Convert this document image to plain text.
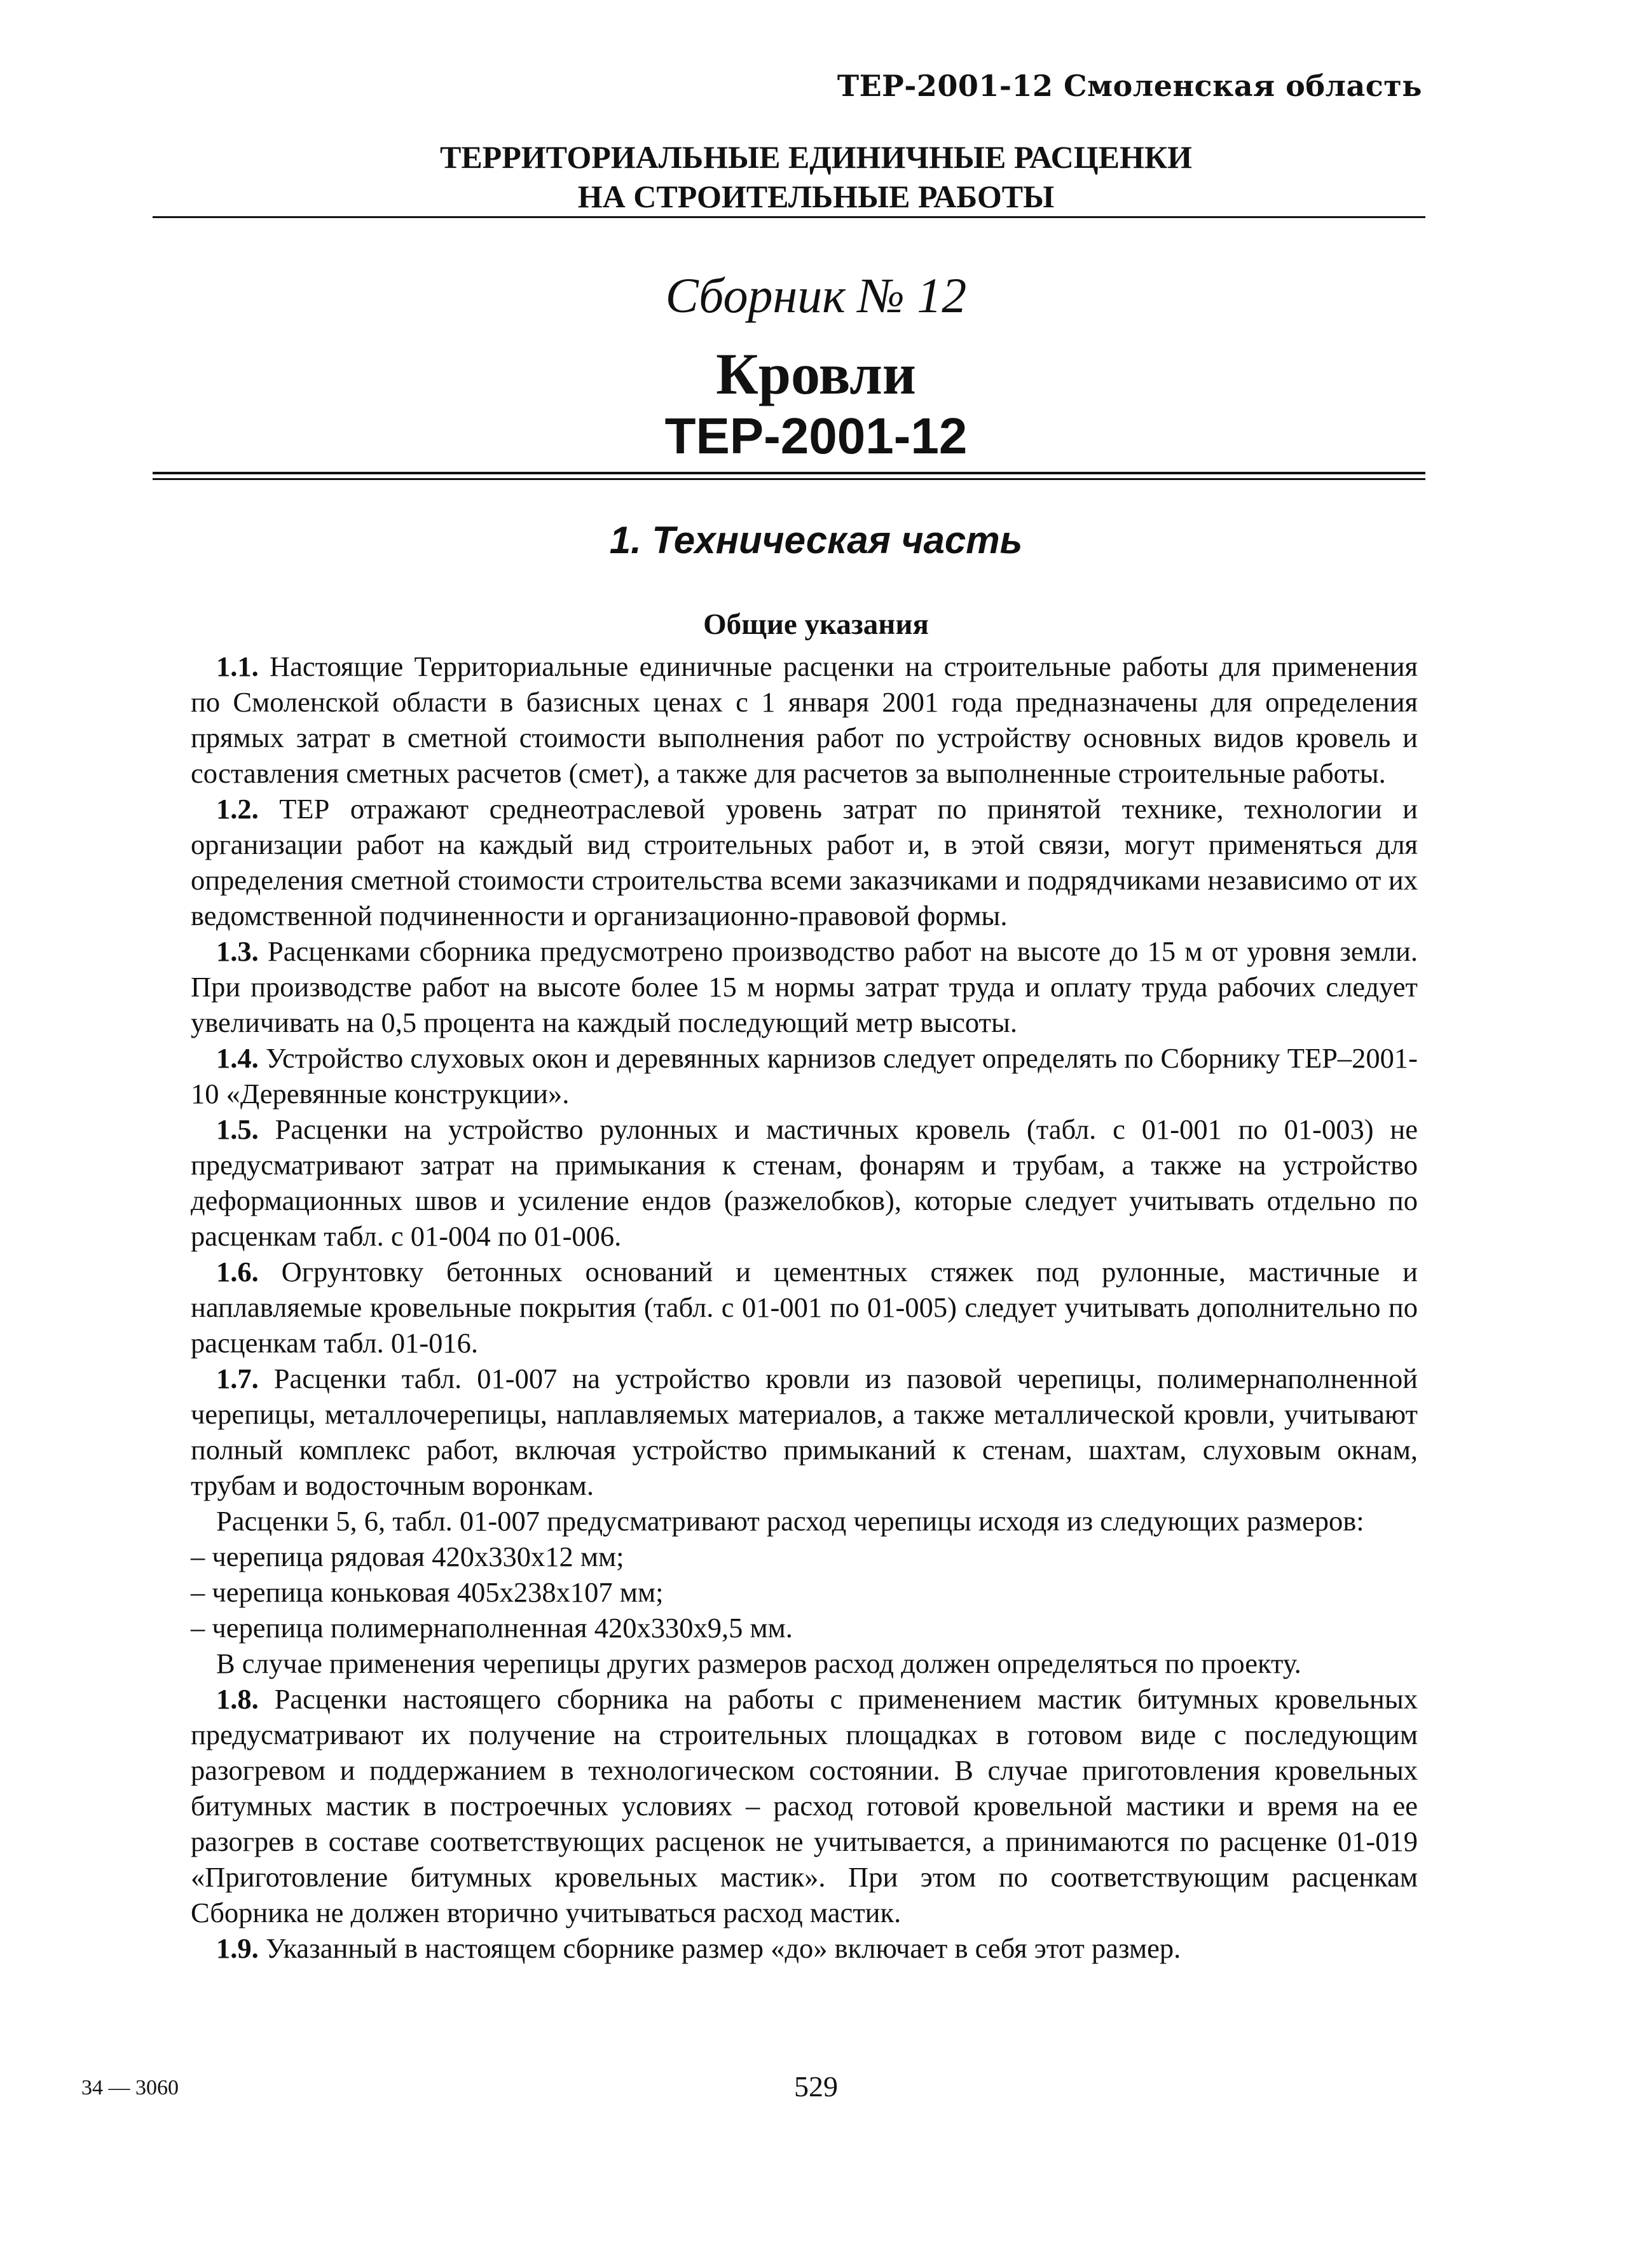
ТЕР-2001-12 Смоленская область
ТЕРРИТОРИАЛЬНЫЕ ЕДИНИЧНЫЕ РАСЦЕНКИ
НА СТРОИТЕЛЬНЫЕ РАБОТЫ
Сборник № 12
Кровли
ТЕР-2001-12
1. Техническая часть
Общие указания

1.1. Настоящие Территориальные единичные расценки на строительные работы для применения по Смоленской области в базисных ценах с 1 января 2001 года предназначены для определения прямых затрат в сметной стоимости выполнения работ по устройству основных видов кровель и составления сметных расчетов (смет), а также для расчетов за выполненные строительные работы.

1.2. ТЕР отражают среднеотраслевой уровень затрат по принятой технике, технологии и организации работ на каждый вид строительных работ и, в этой связи, могут применяться для определения сметной стоимости строительства всеми заказчиками и подрядчиками независимо от их ведомственной подчиненности и организационно-правовой формы.

1.3. Расценками сборника предусмотрено производство работ на высоте до 15 м от уровня земли. При производстве работ на высоте более 15 м нормы затрат труда и оплату труда рабочих следует увеличивать на 0,5 процента на каждый последующий метр высоты.

1.4. Устройство слуховых окон и деревянных карнизов следует определять по Сборнику ТЕР–2001-10 «Деревянные конструкции».

1.5. Расценки на устройство рулонных и мастичных кровель (табл. с 01-001 по 01-003) не предусматривают затрат на примыкания к стенам, фонарям и трубам, а также на устройство деформационных швов и усиление ендов (разжелобков), которые следует учитывать отдельно по расценкам табл. с 01-004 по 01-006.

1.6. Огрунтовку бетонных оснований и цементных стяжек под рулонные, мастичные и наплавляемые кровельные покрытия (табл. с 01-001 по 01-005) следует учитывать дополнительно по расценкам табл. 01-016.

1.7. Расценки табл. 01-007 на устройство кровли из пазовой черепицы, полимернаполненной черепицы, металлочерепицы, наплавляемых материалов, а также металлической кровли, учитывают полный комплекс работ, включая устройство примыканий к стенам, шахтам, слуховым окнам, трубам и водосточным воронкам.

Расценки 5, 6, табл. 01-007 предусматривают расход черепицы исходя из следующих размеров:

– черепица рядовая 420х330х12 мм;

– черепица коньковая 405х238х107 мм;

– черепица полимернаполненная 420х330х9,5 мм.

В случае применения черепицы других размеров расход должен определяться по проекту.

1.8. Расценки настоящего сборника на работы с применением мастик битумных кровельных предусматривают их получение на строительных площадках в готовом виде с последующим разогревом и поддержанием в технологическом состоянии. В случае приготовления кровельных битумных мастик в построечных условиях – расход готовой кровельной мастики и время на ее разогрев в составе соответствующих расценок не учитывается, а принимаются по расценке 01-019 «Приготовление битумных кровельных мастик». При этом по соответствующим расценкам Сборника не должен вторично учитываться расход мастик.

1.9. Указанный в настоящем сборнике размер «до» включает в себя этот размер.

34 — 3060	529
